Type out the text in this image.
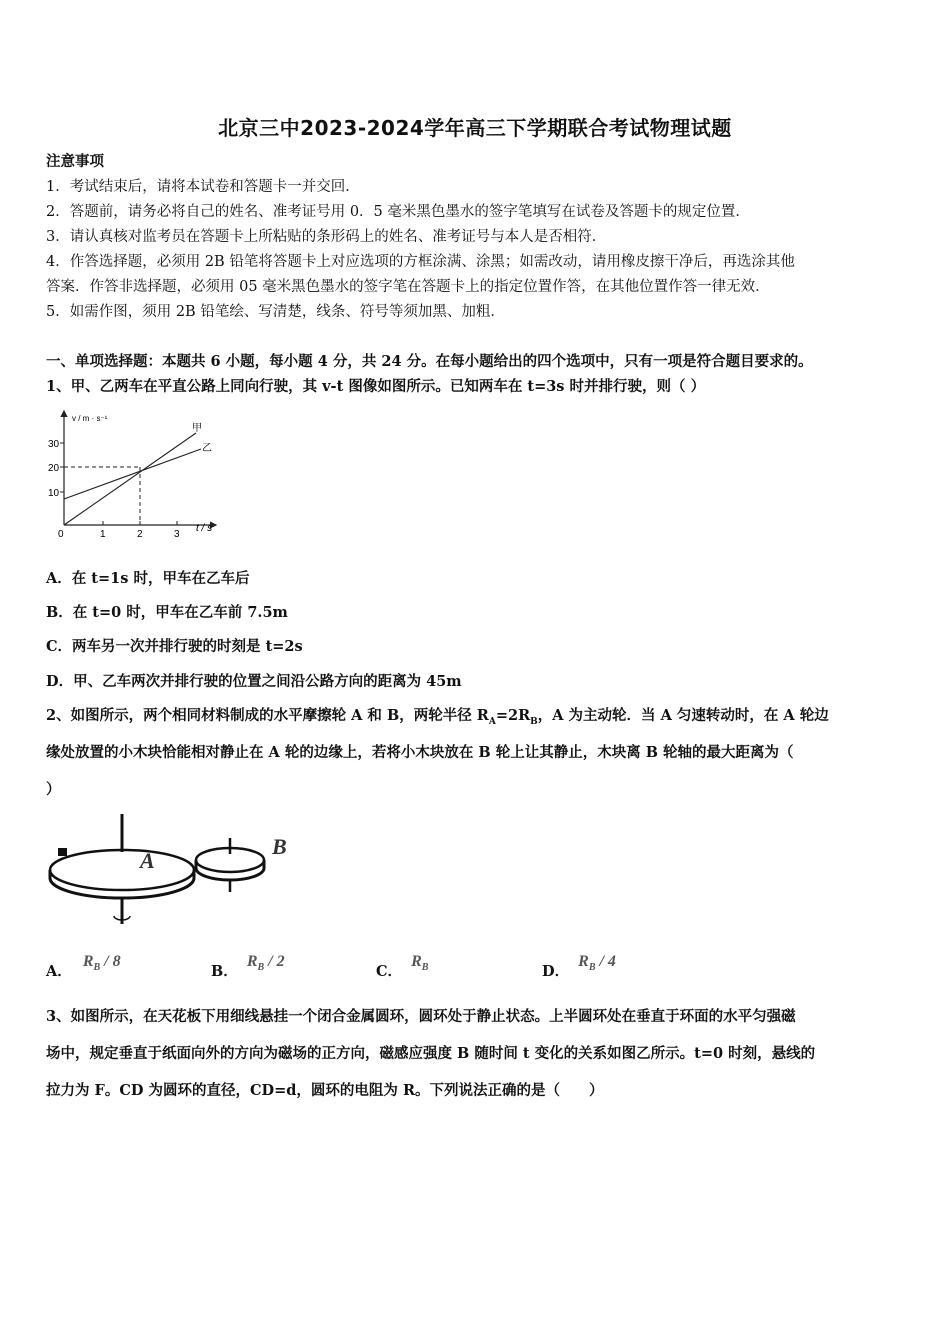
北京三中2023-2024学年高三下学期联合考试物理试题
注意事项
1．考试结束后，请将本试卷和答题卡一并交回．
2．答题前，请务必将自己的姓名、准考证号用 0．5 毫米黑色墨水的签字笔填写在试卷及答题卡的规定位置．
3．请认真核对监考员在答题卡上所粘贴的条形码上的姓名、准考证号与本人是否相符．
4．作答选择题，必须用 2B 铅笔将答题卡上对应选项的方框涂满、涂黑；如需改动，请用橡皮擦干净后，再选涂其他
答案．作答非选择题，必须用 05 毫米黑色墨水的签字笔在答题卡上的指定位置作答，在其他位置作答一律无效．
5．如需作图，须用 2B 铅笔绘、写清楚，线条、符号等须加黑、加粗．
一、单项选择题：本题共 6 小题，每小题 4 分，共 24 分。在每小题给出的四个选项中，只有一项是符合题目要求的。
1、甲、乙两车在平直公路上同向行驶，其 v-t 图像如图所示。已知两车在 t=3s 时并排行驶，则（ ）
10
20
30
0	1	2	3
v / m · s⁻¹
t / s
甲
乙
A．在 t=1s 时，甲车在乙车后
B．在 t=0 时，甲车在乙车前 7.5m
C．两车另一次并排行驶的时刻是 t=2s
D．甲、乙车两次并排行驶的位置之间沿公路方向的距离为 45m
2、如图所示，两个相同材料制成的水平摩擦轮 A 和 B，两轮半径 $R_A=2R_B$，A 为主动轮．当 A 匀速转动时，在 A 轮边
缘处放置的小木块恰能相对静止在 A 轮的边缘上，若将小木块放在 B 轮上让其静止，木块离 B 轮轴的最大距离为（
）
A
B
A． $R_B / 8$
B． $R_B / 2$
C． $R_B$	D． $R_B / 4$
3、如图所示，在天花板下用细线悬挂一个闭合金属圆环，圆环处于静止状态。上半圆环处在垂直于环面的水平匀强磁
场中，规定垂直于纸面向外的方向为磁场的正方向，磁感应强度 B 随时间 t 变化的关系如图乙所示。t=0 时刻，悬线的
拉力为 F。CD 为圆环的直径，CD=d，圆环的电阻为 R。下列说法正确的是（　　）
